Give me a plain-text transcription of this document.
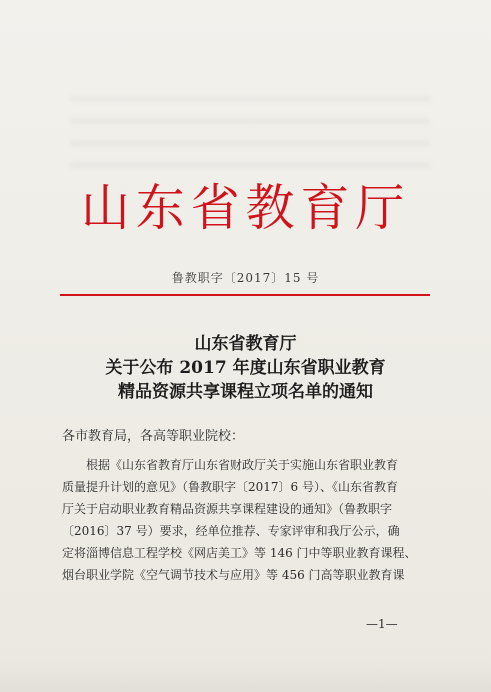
山东省教育厅
鲁教职字〔2017〕15 号
山东省教育厅
关于公布 2017 年度山东省职业教育
精品资源共享课程立项名单的通知
各市教育局，各高等职业院校：
　　根据《山东省教育厅山东省财政厅关于实施山东省职业教育
质量提升计划的意见》（鲁教职字〔2017〕6 号）、《山东省教育
厅关于启动职业教育精品资源共享课程建设的通知》（鲁教职字
〔2016〕37 号）要求，经单位推荐、专家评审和我厅公示，确
定将淄博信息工程学校《网店美工》等 146 门中等职业教育课程、
烟台职业学院《空气调节技术与应用》等 456 门高等职业教育课
—1—
